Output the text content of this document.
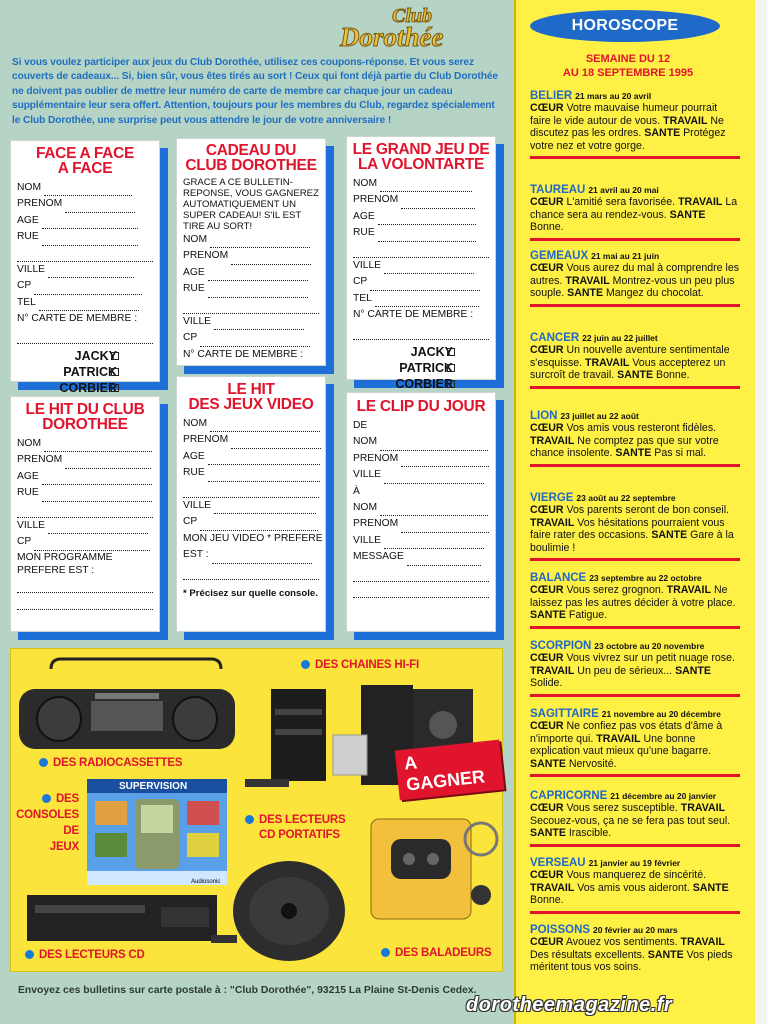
Club
Dorothée

Si vous voulez participer aux jeux du Club Dorothée, utilisez ces coupons-réponse. Et vous serez couverts de cadeaux... Si, bien sûr, vous êtes tirés au sort ! Ceux qui font déjà partie du Club Dorothée ne doivent pas oublier de mettre leur numéro de carte de membre car chaque jour un cadeau supplémentaire leur sera offert. Attention, toujours pour les membres du Club, regardez spécialement le Club Dorothée, une surprise peut vous attendre le jour de votre anniversaire !

FACE A FACE
A FACE
NOM
PRENOM
AGE
RUE
VILLE
CP
TEL
N° CARTE DE MEMBRE :
JACKY
PATRICK
CORBIER
CADEAU DU
CLUB DOROTHEE
GRACE A CE BULLETIN-REPONSE, VOUS GAGNEREZ AUTOMATIQUEMENT UN SUPER CADEAU! S'IL EST TIRE AU SORT!
NOM
PRENOM
AGE
RUE
VILLE
CP
N° CARTE DE MEMBRE :
LE GRAND JEU DE
LA VOLONTARTE
NOM
PRENOM
AGE
RUE
VILLE
CP
TEL
N° CARTE DE MEMBRE :
JACKY
PATRICK
CORBIER
LE HIT DU CLUB
DOROTHEE
NOM
PRENOM
AGE
RUE
VILLE
CP
MON PROGRAMME
PREFERE EST :
LE HIT
DES JEUX VIDEO
NOM
PRENOM
AGE
RUE
VILLE
CP
MON JEU VIDEO * PREFERE
EST :
* Précisez sur quelle console.
LE CLIP DU JOUR
DE
NOM
PRENOM
VILLE
À
NOM
PRENOM
VILLE
MESSAGE
SUPERVISION
Audiosonic
DES CHAINES HI-FI
DES RADIOCASSETTES
DES
CONSOLES
DE
JEUX
DES LECTEURS
CD PORTATIFS
DES LECTEURS CD	DES BALADEURS
A GAGNER
Envoyez ces bulletins sur carte postale à : "Club Dorothée", 93215 La Plaine St-Denis Cedex.
HOROSCOPE
SEMAINE DU 12
AU 18 SEPTEMBRE 1995
BELIER 21 mars au 20 avril
CŒUR Votre mauvaise humeur pourrait faire le vide autour de vous. TRAVAIL Ne discutez pas les ordres. SANTE Protégez votre nez et votre gorge.
TAUREAU 21 avril au 20 mai
CŒUR L'amitié sera favorisée. TRAVAIL La chance sera au rendez-vous. SANTE Bonne.
GEMEAUX 21 mai au 21 juin
CŒUR Vous aurez du mal à comprendre les autres. TRAVAIL Montrez-vous un peu plus souple. SANTE Mangez du chocolat.
CANCER 22 juin au 22 juillet
CŒUR Un nouvelle aventure sentimentale s'esquisse. TRAVAIL Vous accepterez un surcroît de travail. SANTE Bonne.
LION 23 juillet au 22 août
CŒUR Vos amis vous resteront fidèles. TRAVAIL Ne comptez pas que sur votre chance insolente. SANTE Pas si mal.
VIERGE 23 août au 22 septembre
CŒUR Vos parents seront de bon conseil. TRAVAIL Vos hésitations pourraient vous faire rater des occasions. SANTE Gare à la boulimie !
BALANCE 23 septembre au 22 octobre
CŒUR Vous serez grognon. TRAVAIL Ne laissez pas les autres décider à votre place. SANTE Fatigue.
SCORPION 23 octobre au 20 novembre
CŒUR Vous vivrez sur un petit nuage rose. TRAVAIL Un peu de sérieux... SANTE Solide.
SAGITTAIRE 21 novembre au 20 décembre
CŒUR Ne confiez pas vos états d'âme à n'importe qui. TRAVAIL Une bonne explication vaut mieux qu'une bagarre. SANTE Nervosité.
CAPRICORNE 21 décembre au 20 janvier
CŒUR Vous serez susceptible. TRAVAIL Secouez-vous, ça ne se fera pas tout seul. SANTE Irascible.
VERSEAU 21 janvier au 19 février
CŒUR Vous manquerez de sincérité. TRAVAIL Vos amis vous aideront. SANTE Bonne.
POISSONS 20 février au 20 mars
CŒUR Avouez vos sentiments. TRAVAIL Des résultats excellents. SANTE Vos pieds méritent tous vos soins.
dorotheemagazine.fr
